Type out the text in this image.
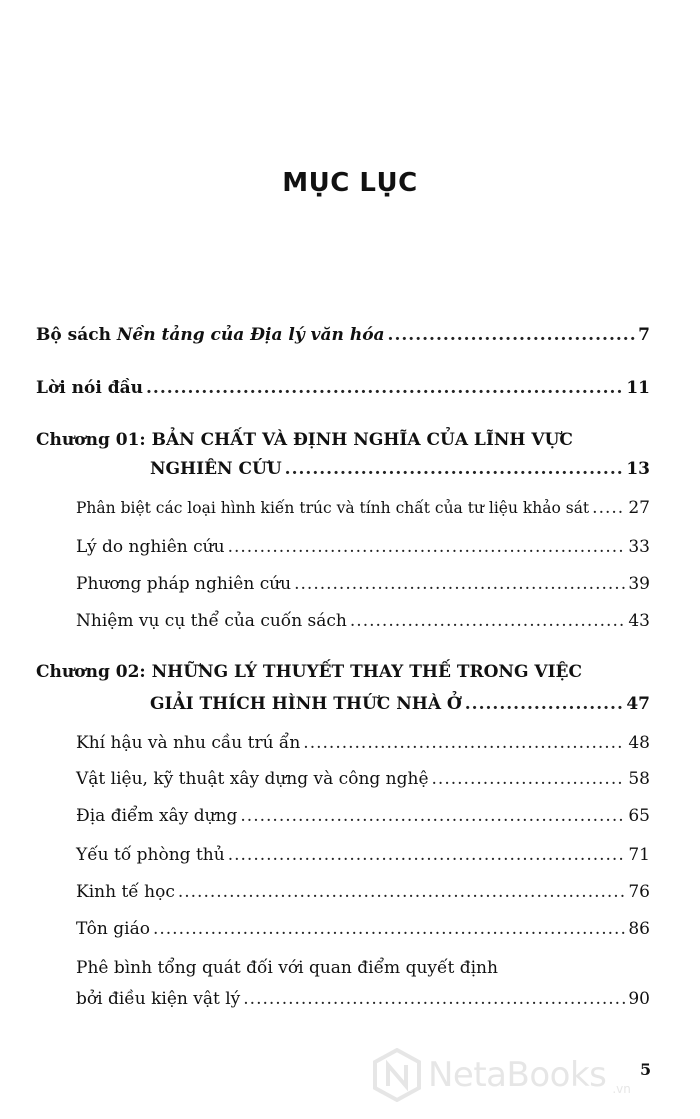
MỤC LỤC
Bộ sách Nền tảng của Địa lý văn hóa .....	7
Lời nói đầu .....	11
Chương 01: BẢN CHẤT VÀ ĐỊNH NGHĨA CỦA LĨNH VỰC
NGHIÊN CỨU .....	13
Phân biệt các loại hình kiến trúc và tính chất của tư liệu khảo sát ..... 27
Lý do nghiên cứu .....	33
Phương pháp nghiên cứu .....	39
Nhiệm vụ cụ thể của cuốn sách .....	43
Chương 02: NHỮNG LÝ THUYẾT THAY THẾ TRONG VIỆC
GIẢI THÍCH HÌNH THỨC NHÀ Ở .....	47
Khí hậu và nhu cầu trú ẩn .....	48
Vật liệu, kỹ thuật xây dựng và công nghệ .....	58
Địa điểm xây dựng .....	65
Yếu tố phòng thủ .....	71
Kinh tế học .....	76
Tôn giáo .....	86
Phê bình tổng quát đối với quan điểm quyết định
bởi điều kiện vật lý .....	90
NetaBooks .vn
5
